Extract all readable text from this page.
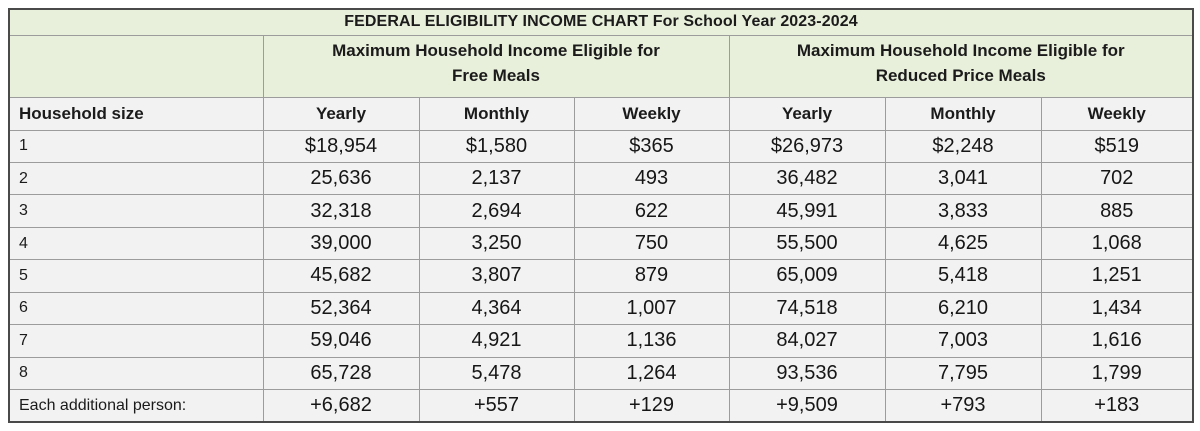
FEDERAL ELIGIBILITY INCOME CHART For School Year 2023-2024						
	Maximum Household Income Eligible for Free Meals			Maximum Household Income Eligible for Reduced Price Meals		
Household size	Yearly	Monthly	Weekly	Yearly	Monthly	Weekly
1	$18,954	$1,580	$365	$26,973	$2,248	$519
2	25,636	2,137	493	36,482	3,041	702
3	32,318	2,694	622	45,991	3,833	885
4	39,000	3,250	750	55,500	4,625	1,068
5	45,682	3,807	879	65,009	5,418	1,251
6	52,364	4,364	1,007	74,518	6,210	1,434
7	59,046	4,921	1,136	84,027	7,003	1,616
8	65,728	5,478	1,264	93,536	7,795	1,799
Each additional person:	+6,682	+557	+129	+9,509	+793	+183
